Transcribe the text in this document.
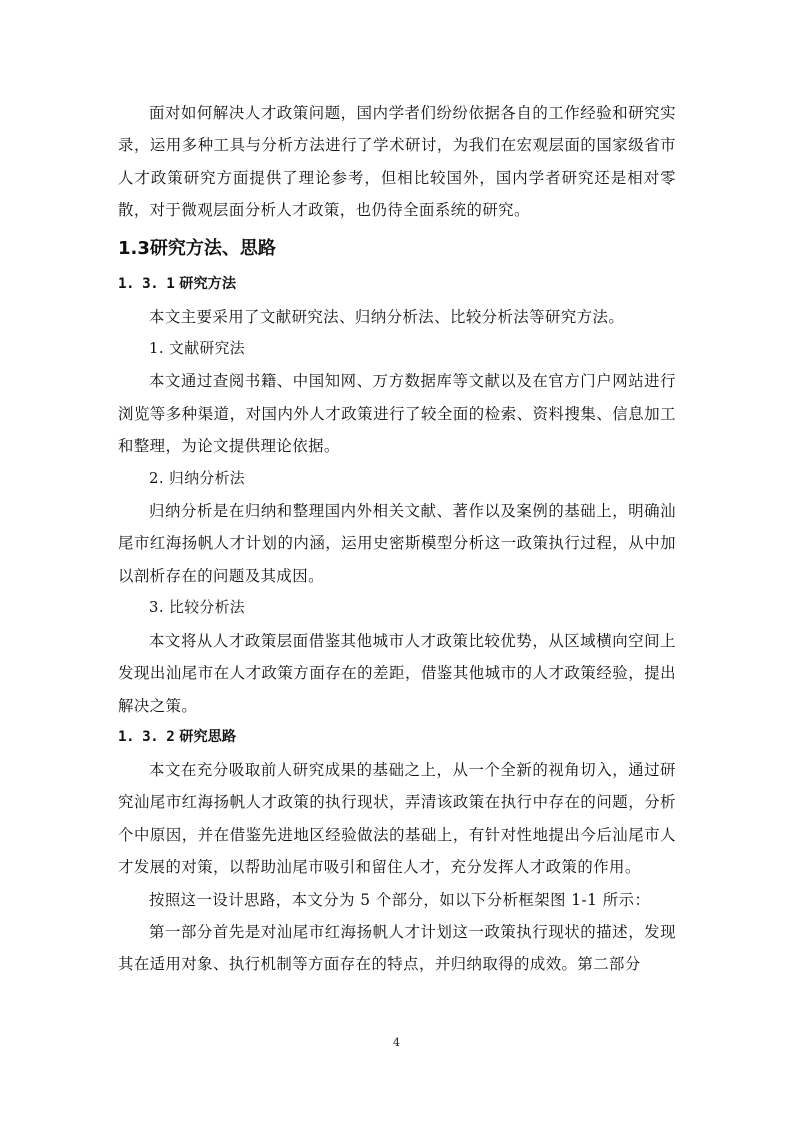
面对如何解决人才政策问题，国内学者们纷纷依据各自的工作经验和研究实录，运用多种工具与分析方法进行了学术研讨，为我们在宏观层面的国家级省市人才政策研究方面提供了理论参考，但相比较国外，国内学者研究还是相对零散，对于微观层面分析人才政策，也仍待全面系统的研究。

1.3研究方法、思路
1. 3. 1 研究方法

本文主要采用了文献研究法、归纳分析法、比较分析法等研究方法。

1. 文献研究法

本文通过查阅书籍、中国知网、万方数据库等文献以及在官方门户网站进行浏览等多种渠道，对国内外人才政策进行了较全面的检索、资料搜集、信息加工和整理，为论文提供理论依据。

2. 归纳分析法

归纳分析是在归纳和整理国内外相关文献、著作以及案例的基础上，明确汕尾市红海扬帆人才计划的内涵，运用史密斯模型分析这一政策执行过程，从中加以剖析存在的问题及其成因。

3. 比较分析法

本文将从人才政策层面借鉴其他城市人才政策比较优势，从区域横向空间上发现出汕尾市在人才政策方面存在的差距，借鉴其他城市的人才政策经验，提出解决之策。

1. 3. 2 研究思路

本文在充分吸取前人研究成果的基础之上，从一个全新的视角切入，通过研究汕尾市红海扬帆人才政策的执行现状，弄清该政策在执行中存在的问题，分析个中原因，并在借鉴先进地区经验做法的基础上，有针对性地提出今后汕尾市人才发展的对策，以帮助汕尾市吸引和留住人才，充分发挥人才政策的作用。

按照这一设计思路，本文分为 5 个部分，如以下分析框架图 1-1 所示：

第一部分首先是对汕尾市红海扬帆人才计划这一政策执行现状的描述，发现其在适用对象、执行机制等方面存在的特点，并归纳取得的成效。第二部分

4
